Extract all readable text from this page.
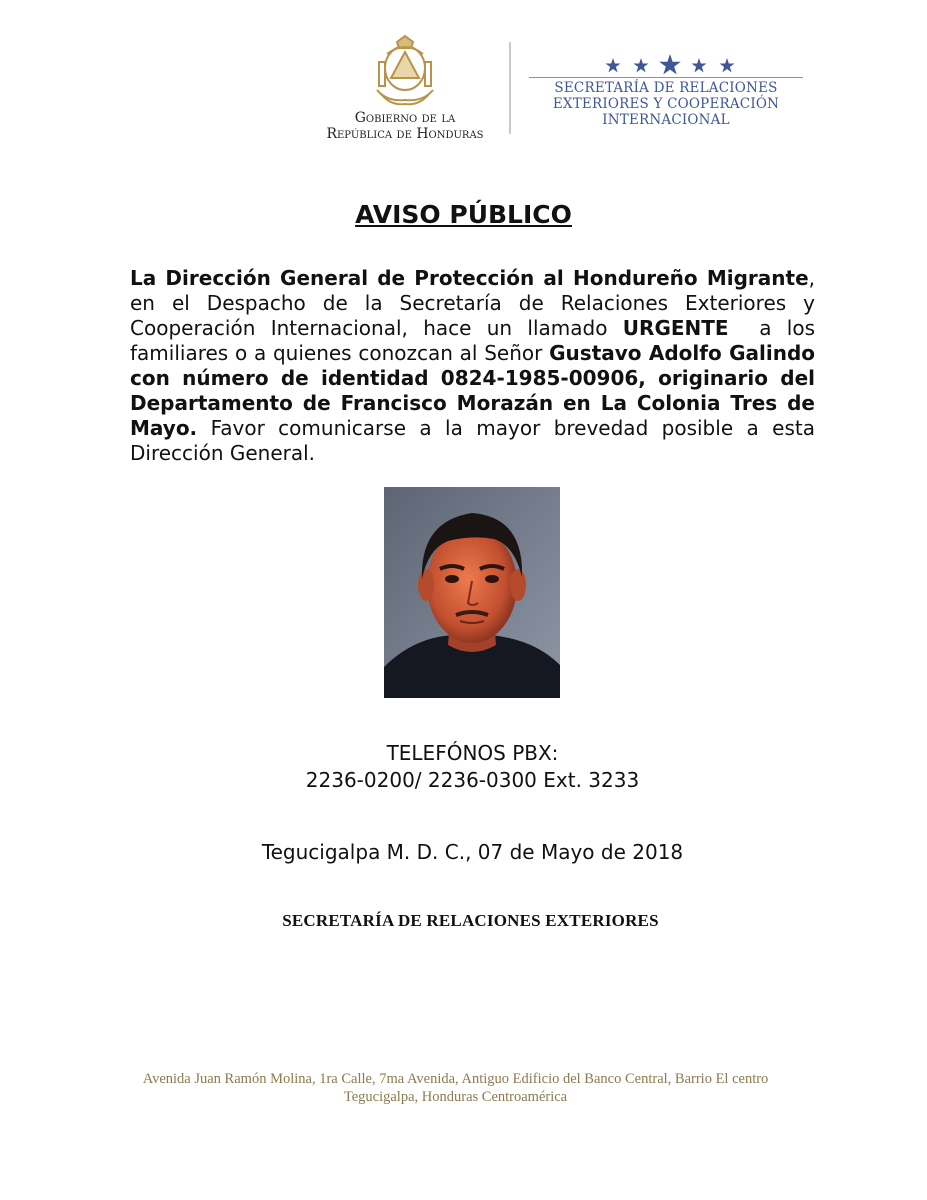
Gobierno de la
República de Honduras
SECRETARÍA DE RELACIONES
EXTERIORES Y COOPERACIÓN
INTERNACIONAL
AVISO PÚBLICO
La Dirección General de Protección al Hondureño Migrante, en el Despacho de la Secretaría de Relaciones Exteriores y Cooperación Internacional, hace un llamado URGENTE  a los familiares o a quienes conozcan al Señor Gustavo Adolfo Galindo con número de identidad 0824-1985-00906, originario del Departamento de Francisco Morazán en La Colonia Tres de Mayo. Favor comunicarse a la mayor brevedad posible a esta Dirección General.
TELEFÓNOS PBX:
2236-0200/ 2236-0300 Ext. 3233
Tegucigalpa M. D. C., 07 de Mayo de 2018
SECRETARÍA DE RELACIONES EXTERIORES
Avenida Juan Ramón Molina, 1ra Calle, 7ma Avenida, Antiguo Edificio del Banco Central, Barrio El centro
Tegucigalpa, Honduras Centroamérica
